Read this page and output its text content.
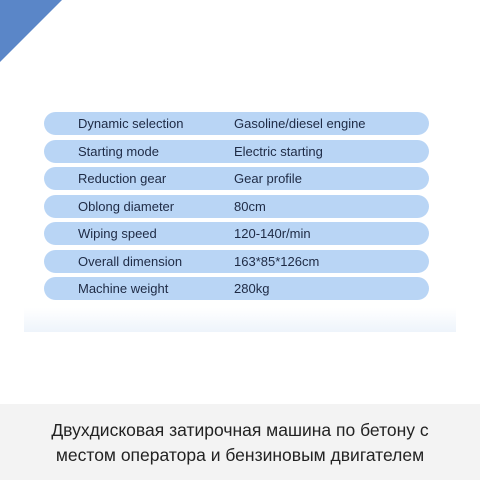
Dynamic selection	Gasoline/diesel engine
Starting mode	Electric starting
Reduction gear	Gear profile
Oblong diameter	80cm
Wiping speed	120-140r/min
Overall dimension	163*85*126cm
Machine weight	280kg
Двухдисковая затирочная машина по бетону с
местом оператора и бензиновым двигателем
